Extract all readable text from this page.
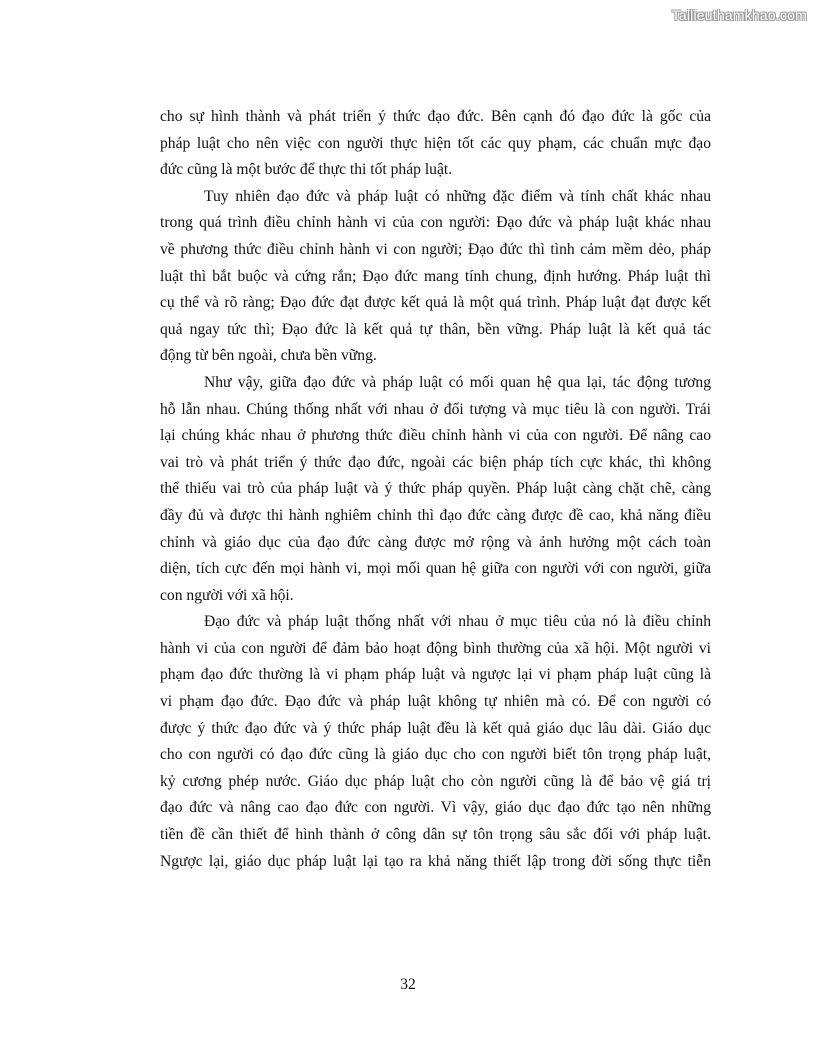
Tailieuthamkhao.com

cho sự hình thành và phát triển ý thức đạo đức. Bên cạnh đó đạo đức là gốc của
pháp luật cho nên việc con người thực hiện tốt các quy phạm, các chuẩn mực đạo
đức cũng là một bước để thực thi tốt pháp luật.

Tuy nhiên đạo đức và pháp luật có những đặc điểm và tính chất khác nhau
trong quá trình điều chỉnh hành vi của con người: Đạo đức và pháp luật khác nhau
về phương thức điều chỉnh hành vi con người; Đạo đức thì tình cảm mềm dẻo, pháp
luật thì bắt buộc và cứng rắn; Đạo đức mang tính chung, định hướng. Pháp luật thì
cụ thể và rõ ràng; Đạo đức đạt được kết quả là một quá trình. Pháp luật đạt được kết
quả ngay tức thì; Đạo đức là kết quả tự thân, bền vững. Pháp luật là kết quả tác
động từ bên ngoài, chưa bền vững.

Như vậy, giữa đạo đức và pháp luật có mối quan hệ qua lại, tác động tương
hỗ lẫn nhau. Chúng thống nhất với nhau ở đối tượng và mục tiêu là con người. Trái
lại chúng khác nhau ở phương thức điều chỉnh hành vi của con người. Để nâng cao
vai trò và phát triển ý thức đạo đức, ngoài các biện pháp tích cực khác, thì không
thể thiếu vai trò của pháp luật và ý thức pháp quyền. Pháp luật càng chặt chẽ, càng
đầy đủ và được thi hành nghiêm chỉnh thì đạo đức càng được đề cao, khả năng điều
chỉnh và giáo dục của đạo đức càng được mở rộng và ảnh hưởng một cách toàn
diện, tích cực đến mọi hành vi, mọi mối quan hệ giữa con người với con người, giữa
con người với xã hội.

Đạo đức và pháp luật thống nhất với nhau ở mục tiêu của nó là điều chỉnh
hành vi của con người để đảm bảo hoạt động bình thường của xã hội. Một người vi
phạm đạo đức thường là vi phạm pháp luật và ngược lại vi phạm pháp luật cũng là
vi phạm đạo đức. Đạo đức và pháp luật không tự nhiên mà có. Để con người có
được ý thức đạo đức và ý thức pháp luật đều là kết quả giáo dục lâu dài. Giáo dục
cho con người có đạo đức cũng là giáo dục cho con người biết tôn trọng pháp luật,
kỷ cương phép nước. Giáo dục pháp luật cho còn người cũng là để bảo vệ giá trị
đạo đức và nâng cao đạo đức con người. Vì vậy, giáo dục đạo đức tạo nên những
tiền đề cần thiết để hình thành ở công dân sự tôn trọng sâu sắc đối với pháp luật.
Ngược lại, giáo dục pháp luật lại tạo ra khả năng thiết lập trong đời sống thực tiễn

32
